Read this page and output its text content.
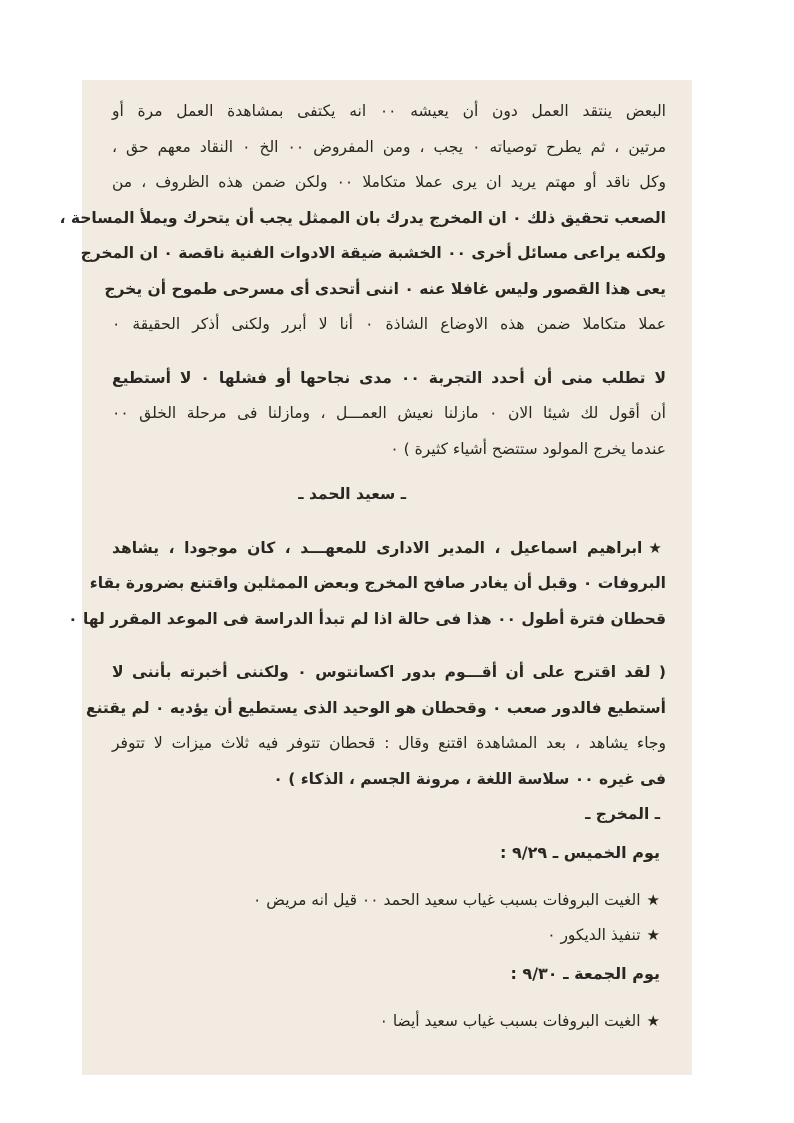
البعض ينتقد العمل دون أن يعيشه ٠٠ انه يكتفى بمشاهدة العمل مرة أو
مرتين ، ثم يطرح توصياته ٠ يجب ، ومن المفروض ٠٠ الخ ٠ النقاد معهم حق ،
وكل ناقد أو مهتم يريد ان يرى عملا متكاملا ٠٠ ولكن ضمن هذه الظروف ، من
الصعب تحقيق ذلك ٠ ان المخرج يدرك بان الممثل يجب أن يتحرك ويملأ المساحة ،
ولكنه يراعى مسائل أخرى ٠٠ الخشبة ضيقة الادوات الفنية ناقصة ٠ ان المخرج
يعى هذا القصور وليس غافلا عنه ٠ اننى أتحدى أى مسرحى طموح أن يخرج
عملا متكاملا ضمن هذه الاوضاع الشاذة ٠ أنا لا أبرر ولكنى أذكر الحقيقة ٠
لا تطلب منى أن أحدد التجربة ٠٠ مدى نجاحها أو فشلها ٠ لا أستطيع
أن أقول لك شيئا الان ٠ مازلنا نعيش العمـــل ، ومازلنا فى مرحلة الخلق ٠٠
عندما يخرج المولود ستتضح أشياء كثيرة ) ٠
ـ سعيد الحمد ـ
★ابراهيم اسماعيل ، المدير الادارى للمعهـــد ، كان موجودا ، يشاهد
البروفات ٠ وقبل أن يغادر صافح المخرج وبعض الممثلين واقتنع بضرورة بقاء
قحطان فترة أطول ٠٠ هذا فى حالة اذا لم تبدأ الدراسة فى الموعد المقرر لها ٠
( لقد اقترح على أن أقـــوم بدور اكسانتوس ٠ ولكننى أخبرته بأننى لا
أستطيع فالدور صعب ٠ وقحطان هو الوحيد الذى يستطيع أن يؤديه ٠ لم يقتنع
وجاء يشاهد ، بعد المشاهدة اقتنع وقال : قحطان تتوفر فيه ثلاث ميزات لا تتوفر
فى غيره ٠٠ سلاسة اللغة ، مرونة الجسم ، الذكاء ) ٠
ـ المخرج ـ
يوم الخميس ـ ٩/٢٩ :
★الغيت البروفات بسبب غياب سعيد الحمد ٠٠ قيل انه مريض ٠
★تنفيذ الديكور ٠
يوم الجمعة ـ ٩/٣٠ :
★الغيت البروفات بسبب غياب سعيد أيضا ٠
